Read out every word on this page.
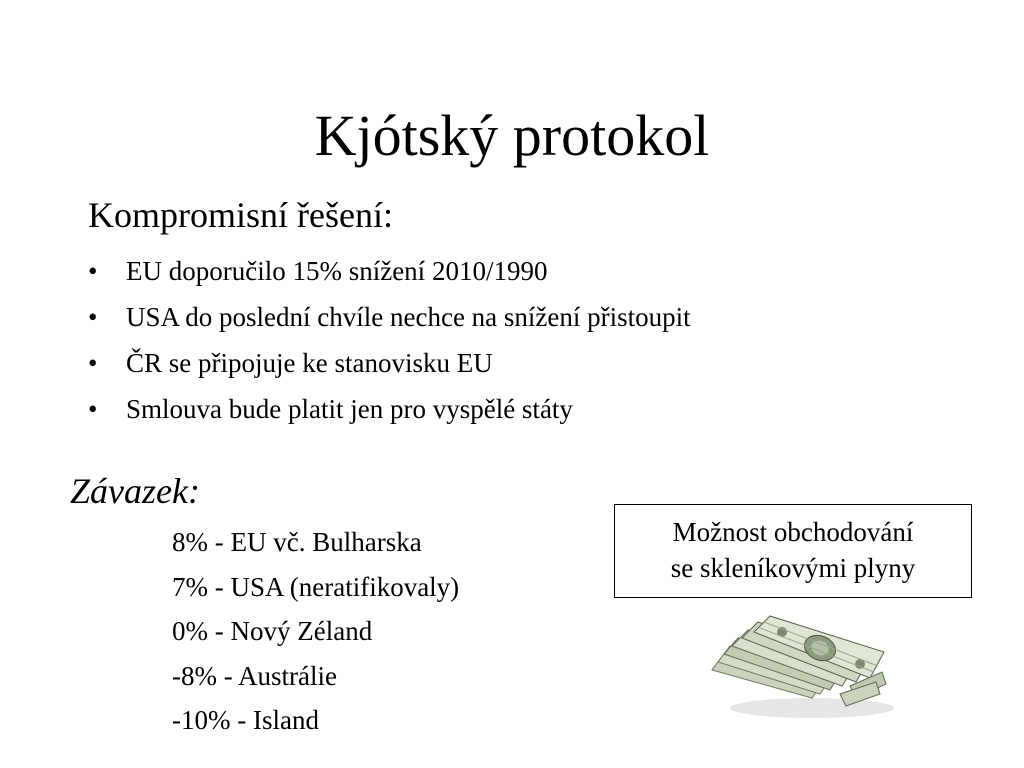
Kjótský protokol
Kompromisní řešení:
• EU doporučilo 15% snížení 2010/1990
• USA do poslední chvíle nechce na snížení přistoupit
• ČR se připojuje ke stanovisku EU
• Smlouva bude platit jen pro vyspělé státy
Závazek:
8% - EU vč. Bulharska
7% - USA (neratifikovaly)
0% - Nový Zéland
-8% - Austrálie
-10% - Island
Možnost obchodování
se skleníkovými plyny
